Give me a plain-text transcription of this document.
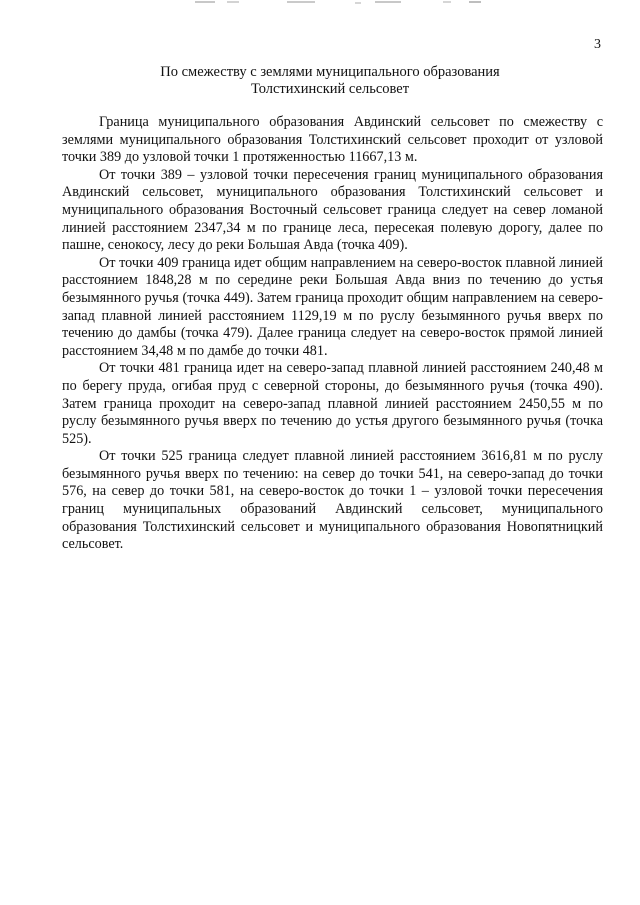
3
По смежеству с землями муниципального образования
Толстихинский сельсовет

Граница муниципального образования Авдинский сельсовет по смежеству с землями муниципального образования Толстихинский сельсовет проходит от узловой точки 389 до узловой точки 1 протяженностью 11667,13 м.

От точки 389 – узловой точки пересечения границ муниципального образования Авдинский сельсовет, муниципального образования Толстихинский сельсовет и муниципального образования Восточный сельсовет граница следует на север ломаной линией расстоянием 2347,34 м по границе леса, пересекая полевую дорогу, далее по пашне, сенокосу, лесу до реки Большая Авда (точка 409).

От точки 409 граница идет общим направлением на северо-восток плавной линией расстоянием 1848,28 м по середине реки Большая Авда вниз по течению до устья безымянного ручья (точка 449). Затем граница проходит общим направлением на северо-запад плавной линией расстоянием 1129,19 м по руслу безымянного ручья вверх по течению до дамбы (точка 479). Далее граница следует на северо-восток прямой линией расстоянием 34,48 м по дамбе до точки 481.

От точки 481 граница идет на северо-запад плавной линией расстоянием 240,48 м по берегу пруда, огибая пруд с северной стороны, до безымянного ручья (точка 490). Затем граница проходит на северо-запад плавной линией расстоянием 2450,55 м по руслу безымянного ручья вверх по течению до устья другого безымянного ручья (точка 525).

От точки 525 граница следует плавной линией расстоянием 3616,81 м по руслу безымянного ручья вверх по течению: на север до точки 541, на северо-запад до точки 576, на север до точки 581, на северо-восток до точки 1 – узловой точки пересечения границ муниципальных образований Авдинский сельсовет, муниципального образования Толстихинский сельсовет и муниципального образования Новопятницкий сельсовет.
